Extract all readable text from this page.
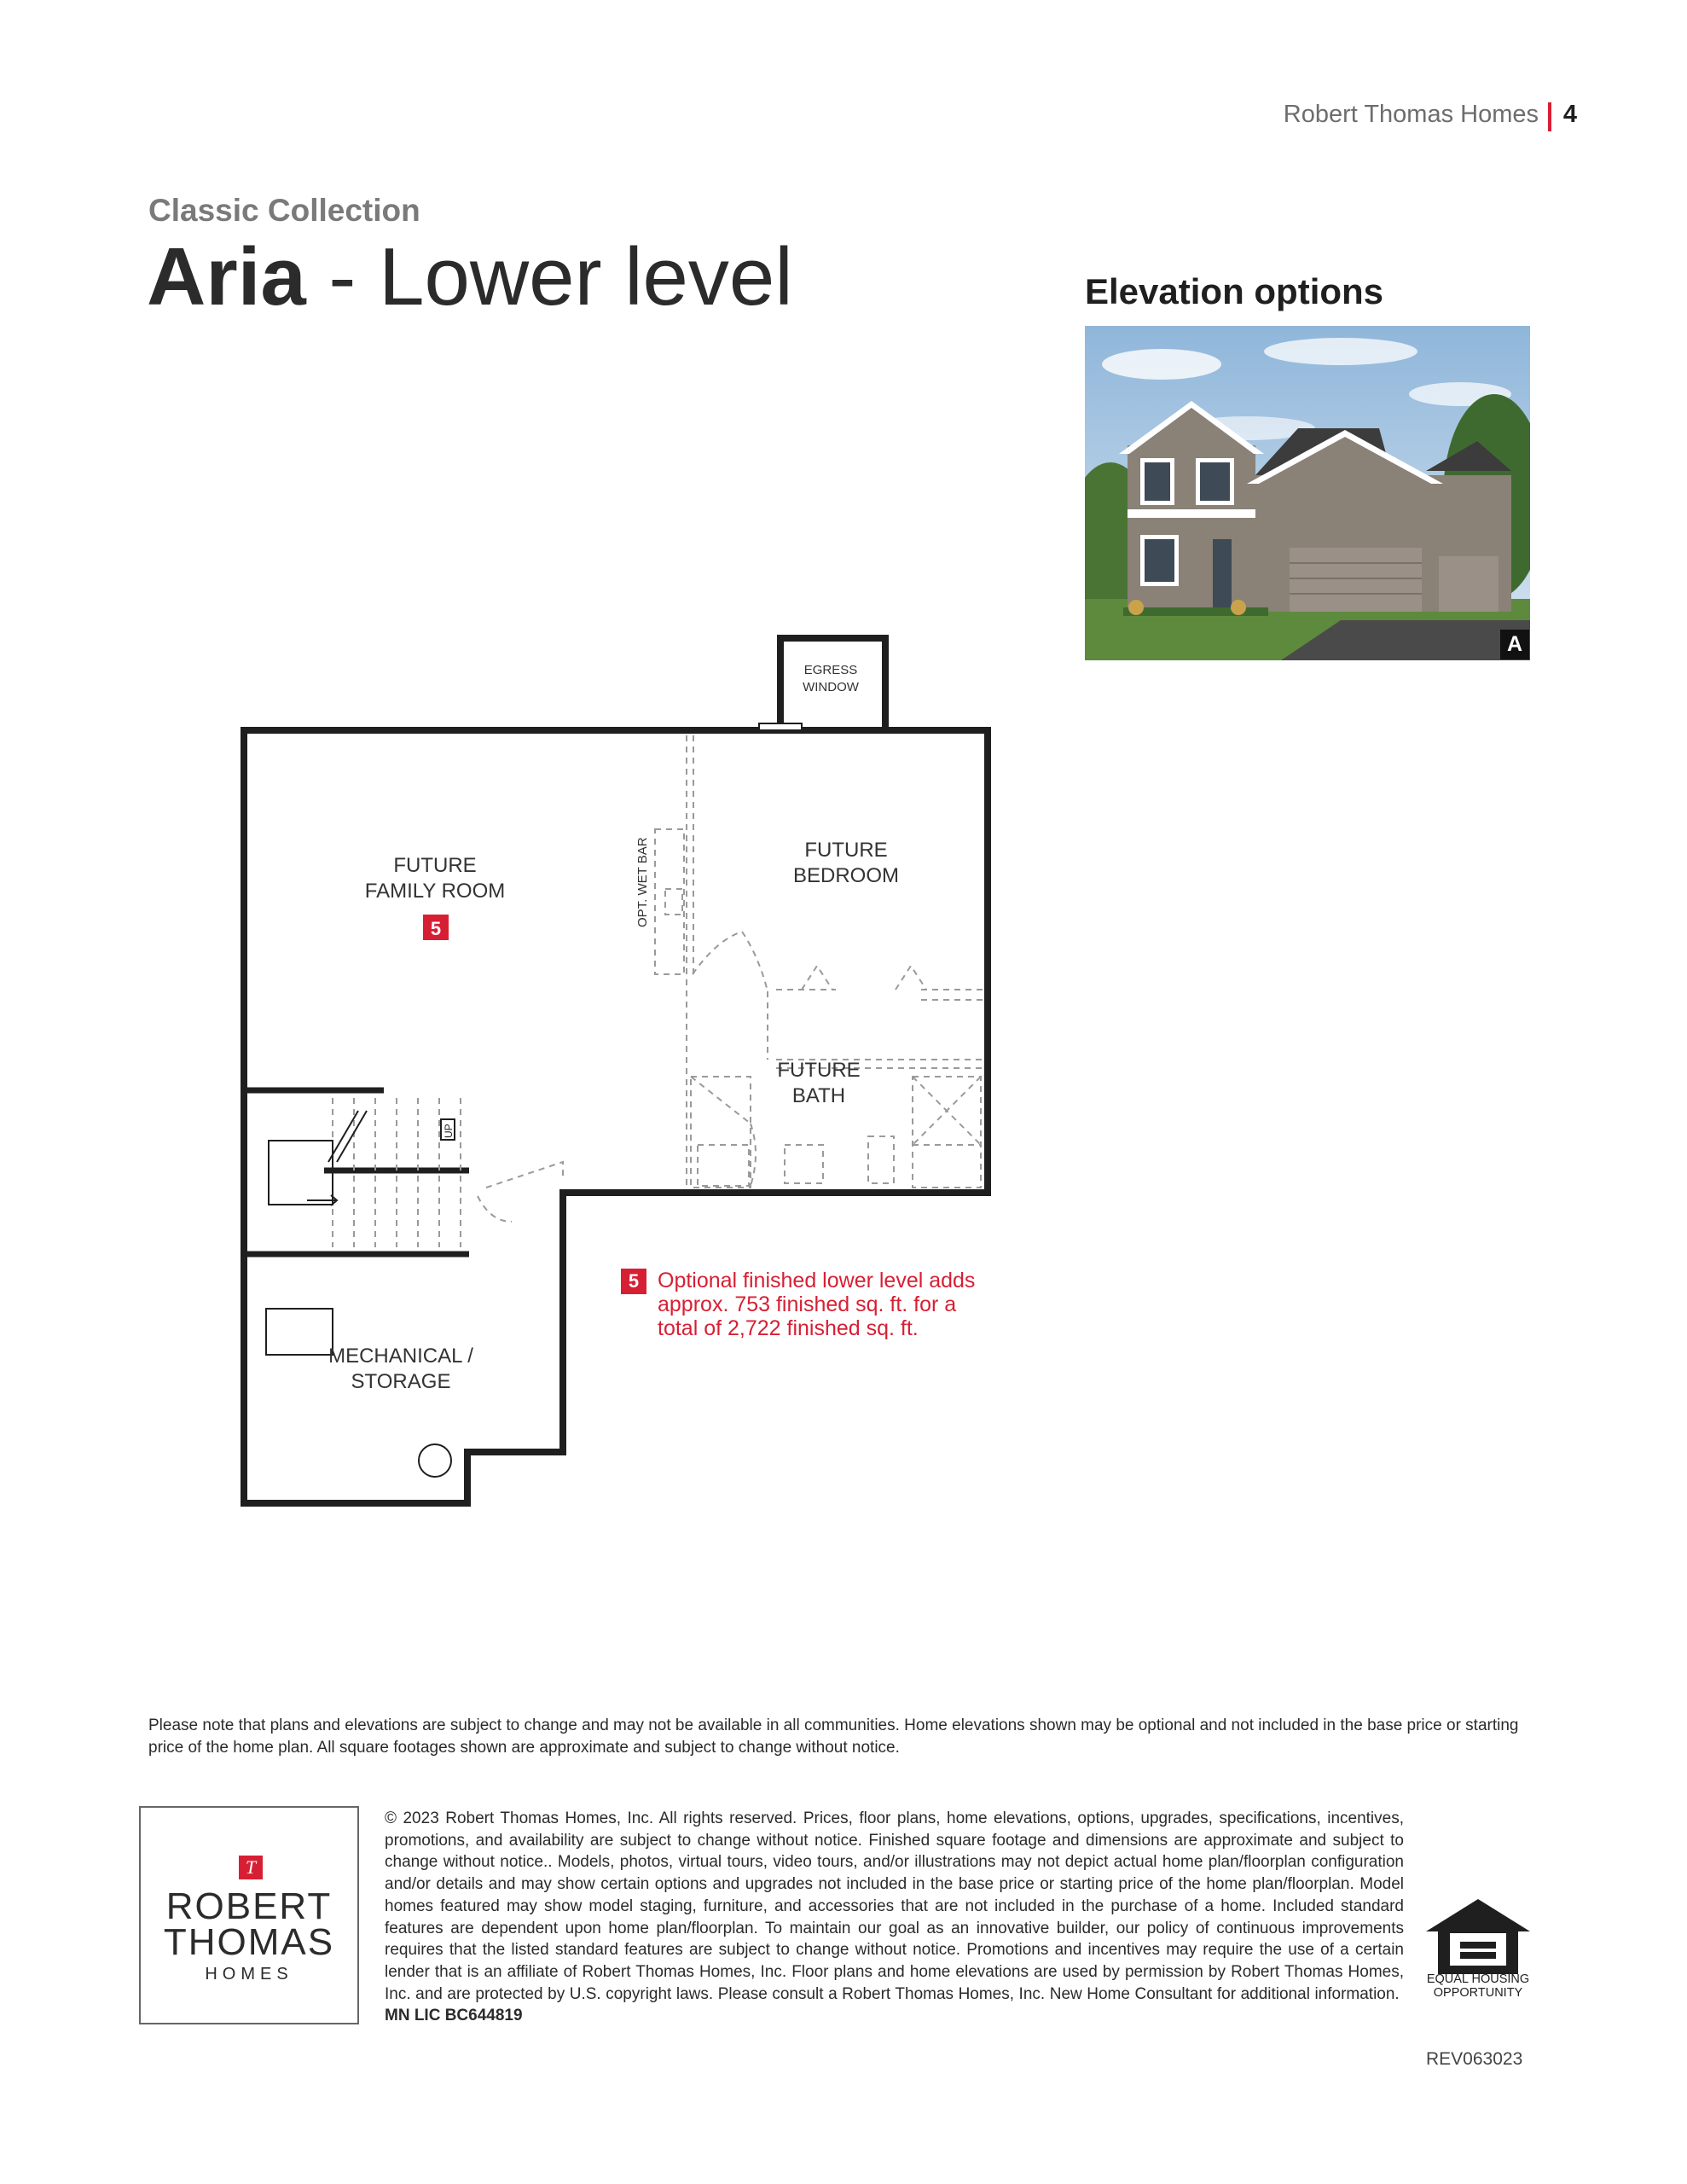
Robert Thomas Homes 4
Classic Collection
Aria - Lower level	Elevation options
A
EGRESS
WINDOW
FUTURE
FAMILY ROOM
5
FUTURE
BEDROOM
FUTURE
BATH
MECHANICAL /
STORAGE
OPT. WET BAR
UP
5 Optional finished lower level adds approx. 753 finished sq. ft. for a total of 2,722 finished sq. ft.
Please note that plans and elevations are subject to change and may not be available in all communities. Home elevations shown may be optional and not included in the base price or starting price of the home plan. All square footages shown are approximate and subject to change without notice.
T
ROBERT
THOMAS
HOMES
© 2023 Robert Thomas Homes, Inc. All rights reserved. Prices, floor plans, home elevations, options, upgrades, specifications, incentives, promotions, and availability are subject to change without notice. Finished square footage and dimensions are approximate and subject to change without notice.. Models, photos, virtual tours, video tours, and/or illustrations may not depict actual home plan/floorplan configuration and/or details and may show certain options and upgrades not included in the base price or starting price of the home plan/floorplan. Model homes featured may show model staging, furniture, and accessories that are not included in the purchase of a home. Included standard features are dependent upon home plan/floorplan. To maintain our goal as an innovative builder, our policy of continuous improvements requires that the listed standard features are subject to change without notice. Promotions and incentives may require the use of a certain lender that is an affiliate of Robert Thomas Homes, Inc. Floor plans and home elevations are used by permission by Robert Thomas Homes, Inc. and are protected by U.S. copyright laws. Please consult a Robert Thomas Homes, Inc. New Home Consultant for additional information.  MN LIC BC644819
EQUAL HOUSING
OPPORTUNITY
REV063023
